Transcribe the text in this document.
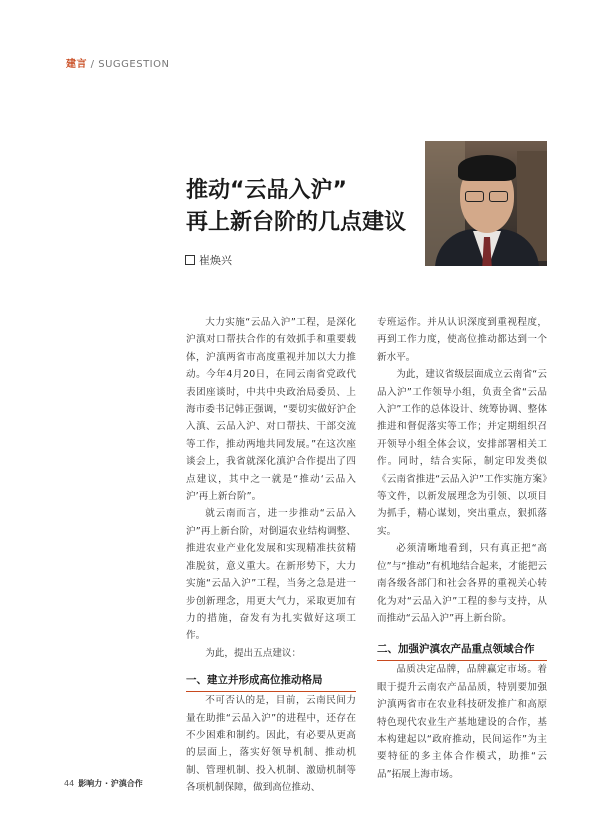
建言 / SUGGESTION
推动“云品入沪”
再上新台阶的几点建议
崔焕兴

大力实施“云品入沪”工程，是深化沪滇对口帮扶合作的有效抓手和重要载体，沪滇两省市高度重视并加以大力推动。今年4月20日，在同云南省党政代表团座谈时，中共中央政治局委员、上海市委书记韩正强调，“要切实做好沪企入滇、云品入沪、对口帮扶、干部交流等工作，推动两地共同发展。”在这次座谈会上，我省就深化滇沪合作提出了四点建议，其中之一就是“推动‘云品入沪’再上新台阶”。

就云南而言，进一步推动“云品入沪”再上新台阶，对倒逼农业结构调整、推进农业产业化发展和实现精准扶贫精准脱贫，意义重大。在新形势下，大力实施“云品入沪”工程，当务之急是进一步创新理念，用更大气力，采取更加有力的措施，奋发有为扎实做好这项工作。

为此，提出五点建议：

一、建立并形成高位推动格局

不可否认的是，目前，云南民间力量在助推“云品入沪”的进程中，还存在不少困难和制约。因此，有必要从更高的层面上，落实好领导机制、推动机制、管理机制、投入机制、激励机制等各项机制保障，做到高位推动、

专班运作。并从认识深度到重视程度，再到工作力度，使高位推动都达到一个新水平。

为此，建议省级层面成立云南省“云品入沪”工作领导小组，负责全省“云品入沪”工作的总体设计、统筹协调、整体推进和督促落实等工作；并定期组织召开领导小组全体会议，安排部署相关工作。同时，结合实际，制定印发类似《云南省推进“云品入沪”工作实施方案》等文件，以新发展理念为引领、以项目为抓手，精心谋划，突出重点，狠抓落实。

必须清晰地看到，只有真正把“高位”与“推动”有机地结合起来，才能把云南各级各部门和社会各界的重视关心转化为对“云品入沪”工程的参与支持，从而推动“云品入沪”再上新台阶。

二、加强沪滇农产品重点领域合作

品质决定品牌，品牌赢定市场。着眼于提升云南农产品品质，特别要加强沪滇两省市在农业科技研发推广和高原特色现代农业生产基地建设的合作，基本构建起以“政府推动，民间运作”为主要特征的多主体合作模式，助推“云品”拓展上海市场。

44 影响力 · 沪滇合作
